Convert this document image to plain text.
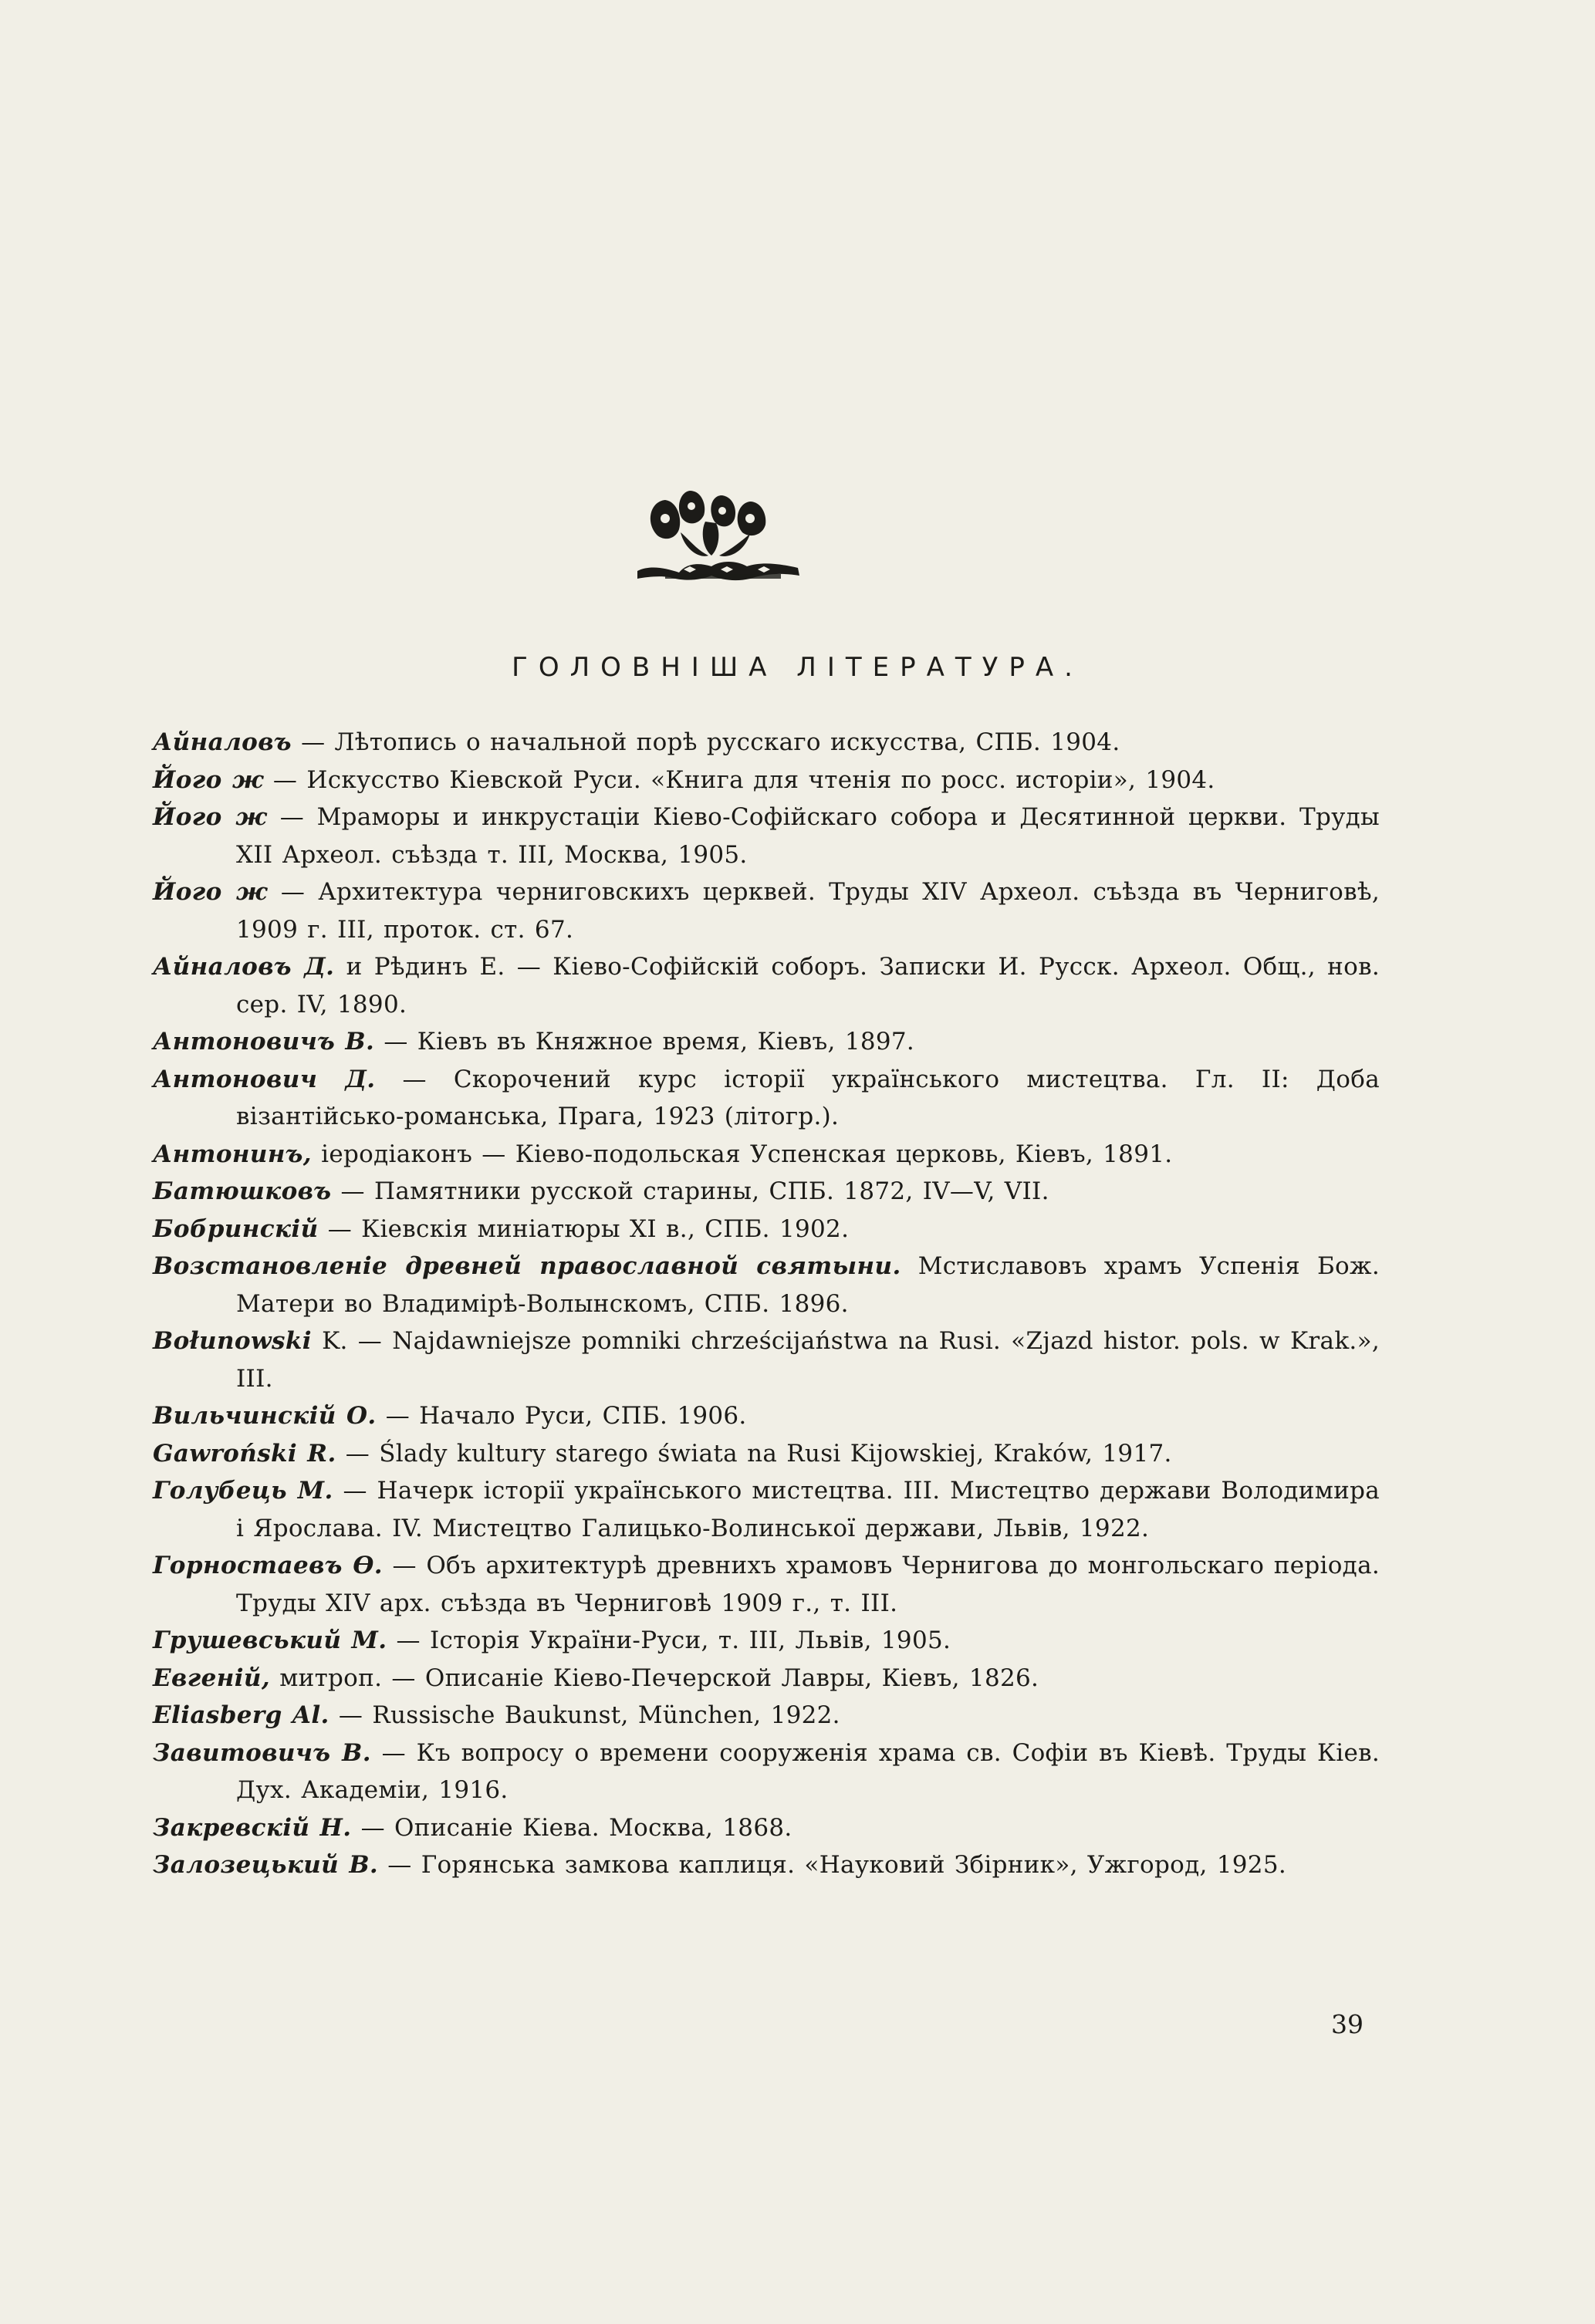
ГОЛОВНІША ЛІТЕРАТУРА.
Айналовъ — Лѣтопись о начальной порѣ русскаго искусства, СПБ. 1904.
Його ж — Искусство Кіевской Руси. «Книга для чтенія по росс. исторіи», 1904.
Його ж — Мраморы и инкрустаціи Кіево-Софійскаго собора и Десятинной церкви. Труды XII Археол. съѣзда т. III, Москва, 1905.
Його ж — Архитектура черниговскихъ церквей. Труды XIV Археол. съѣзда въ Черниговѣ, 1909 г. III, проток. ст. 67.
Айналовъ Д. и Рѣдинъ Е. — Кіево-Софійскій соборъ. Записки И. Русск. Археол. Общ., нов. сер. IV, 1890.
Антоновичъ В. — Кіевъ въ Княжное время, Кіевъ, 1897.
Антонович Д. — Скорочений курс історії українського мистецтва. Гл. II: Доба візантійсько-романська, Прага, 1923 (літогр.).
Антонинъ, іеродіаконъ — Кіево-подольская Успенская церковь, Кіевъ, 1891.
Батюшковъ — Памятники русской старины, СПБ. 1872, IV—V, VII.
Бобринскій — Кіевскія миніатюры XI в., СПБ. 1902.
Возстановленіе древней православной святыни. Мстиславовъ храмъ Успенія Бож. Матери во Владимірѣ-Волынскомъ, СПБ. 1896.
Bołunowski K. — Najdawniejsze pomniki chrześcijaństwa na Rusi. «Zjazd histor. pols. w Krak.», III.
Вильчинскій О. — Начало Руси, СПБ. 1906.
Gawroński R. — Ślady kultury starego świata na Rusi Kijowskiej, Kraków, 1917.
Голубець М. — Начерк історії українського мистецтва. III. Мистецтво держави Володимира і Ярослава. IV. Мистецтво Галицько-Волинської держави, Львів, 1922.
Горностаевъ Ѳ. — Объ архитектурѣ древнихъ храмовъ Чернигова до монгольскаго періода. Труды XIV арх. съѣзда въ Черниговѣ 1909 г., т. III.
Грушевський М. — Історія України-Руси, т. III, Львів, 1905.
Евгеній, митроп. — Описаніе Кіево-Печерской Лавры, Кіевъ, 1826.
Eliasberg Al. — Russische Baukunst, München, 1922.
Завитовичъ В. — Къ вопросу о времени сооруженія храма св. Софіи въ Кіевѣ. Труды Кіев. Дух. Академіи, 1916.
Закревскій Н. — Описаніе Кіева. Москва, 1868.
Залозецький В. — Горянська замкова каплиця. «Науковий Збірник», Ужгород, 1925.
39
